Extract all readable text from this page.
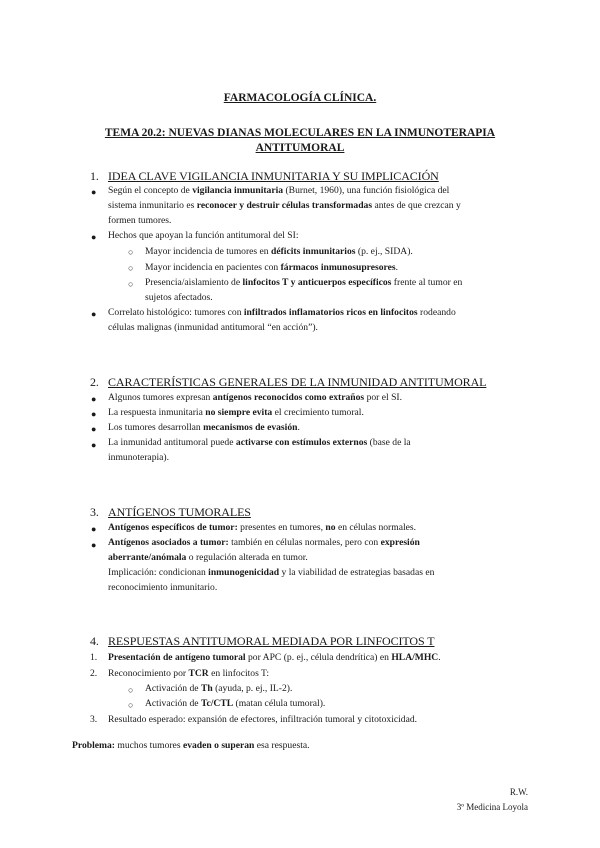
FARMACOLOGÍA CLÍNICA.
TEMA 20.2: NUEVAS DIANAS MOLECULARES EN LA INMUNOTERAPIA ANTITUMORAL
1. IDEA CLAVE VIGILANCIA INMUNITARIA Y SU IMPLICACIÓN
● Según el concepto de vigilancia inmunitaria (Burnet, 1960), una función fisiológica del
sistema inmunitario es reconocer y destruir células transformadas antes de que crezcan y
formen tumores.
● Hechos que apoyan la función antitumoral del SI:
○ Mayor incidencia de tumores en déficits inmunitarios (p. ej., SIDA).
○ Mayor incidencia en pacientes con fármacos inmunosupresores.
○ Presencia/aislamiento de linfocitos T y anticuerpos específicos frente al tumor en
sujetos afectados.
● Correlato histológico: tumores con infiltrados inflamatorios ricos en linfocitos rodeando
células malignas (inmunidad antitumoral “en acción”).
2. CARACTERÍSTICAS GENERALES DE LA INMUNIDAD ANTITUMORAL
● Algunos tumores expresan antígenos reconocidos como extraños por el SI.
● La respuesta inmunitaria no siempre evita el crecimiento tumoral.
● Los tumores desarrollan mecanismos de evasión.
● La inmunidad antitumoral puede activarse con estímulos externos (base de la
inmunoterapia).
3. ANTÍGENOS TUMORALES
● Antígenos específicos de tumor: presentes en tumores, no en células normales.
● Antígenos asociados a tumor: también en células normales, pero con expresión
aberrante/anómala o regulación alterada en tumor.
Implicación: condicionan inmunogenicidad y la viabilidad de estrategias basadas en
reconocimiento inmunitario.
4. RESPUESTAS ANTITUMORAL MEDIADA POR LINFOCITOS T
1. Presentación de antígeno tumoral por APC (p. ej., célula dendrítica) en HLA/MHC.
2. Reconocimiento por TCR en linfocitos T:
○ Activación de Th (ayuda, p. ej., IL-2).
○ Activación de Tc/CTL (matan célula tumoral).
3. Resultado esperado: expansión de efectores, infiltración tumoral y citotoxicidad.
Problema: muchos tumores evaden o superan esa respuesta.
R.W.
3º Medicina Loyola
